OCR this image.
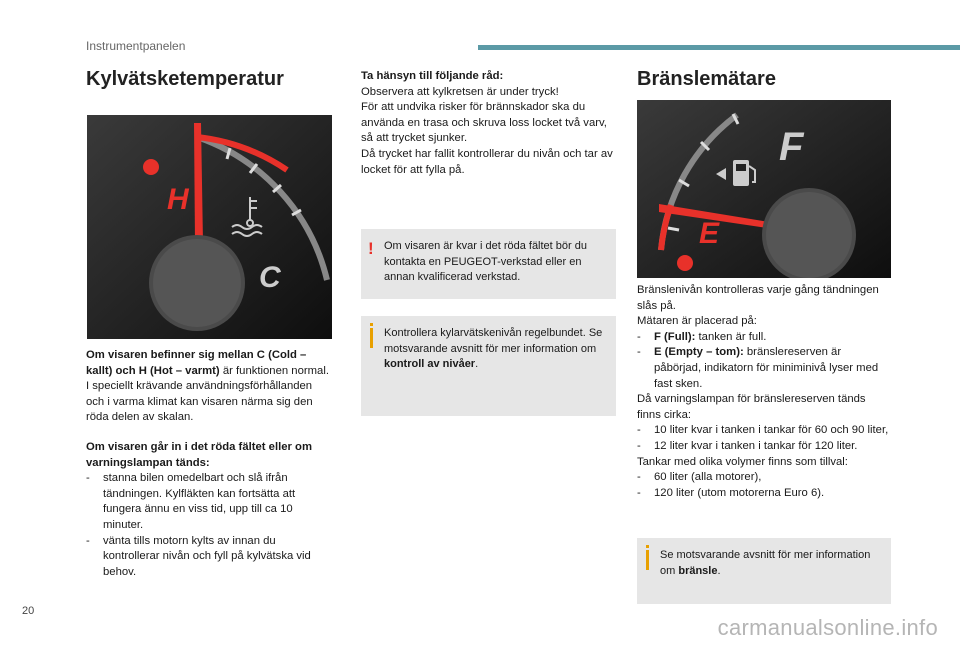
Instrumentpanelen
Kylvätsketemperatur
H
C

Om visaren befinner sig mellan C (Cold – kallt) och H (Hot – varmt) är funktionen normal.

I speciellt krävande användningsförhållanden och i varma klimat kan visaren närma sig den röda delen av skalan.

Om visaren går in i det röda fältet eller om varningslampan tänds:

- stanna bilen omedelbart och slå ifrån tändningen. Kylfläkten kan fortsätta att fungera ännu en viss tid, upp till ca 10 minuter.

- vänta tills motorn kylts av innan du kontrollerar nivån och fyll på kylvätska vid behov.

Ta hänsyn till följande råd:

Observera att kylkretsen är under tryck!

För att undvika risker för brännskador ska du använda en trasa och skruva loss locket två varv, så att trycket sjunker.

Då trycket har fallit kontrollerar du nivån och tar av locket för att fylla på.

! Om visaren är kvar i det röda fältet bör du kontakta en PEUGEOT-verkstad eller en annan kvalificerad verkstad.
Kontrollera kylarvätskenivån regelbundet. Se motsvarande avsnitt för mer information om kontroll av nivåer.
Bränslemätare
F
E

Bränslenivån kontrolleras varje gång tändningen slås på.

Mätaren är placerad på:

- F (Full): tanken är full.

- E (Empty – tom): bränslereserven är påbörjad, indikatorn för miniminivå lyser med fast sken.

Då varningslampan för bränslereserven tänds finns cirka:

- 10 liter kvar i tanken i tankar för 60 och 90 liter,

- 12 liter kvar i tanken i tankar för 120 liter.

Tankar med olika volymer finns som tillval:

- 60 liter (alla motorer),

- 120 liter (utom motorerna Euro 6).

Se motsvarande avsnitt för mer information om bränsle.
20
carmanualsonline.info
